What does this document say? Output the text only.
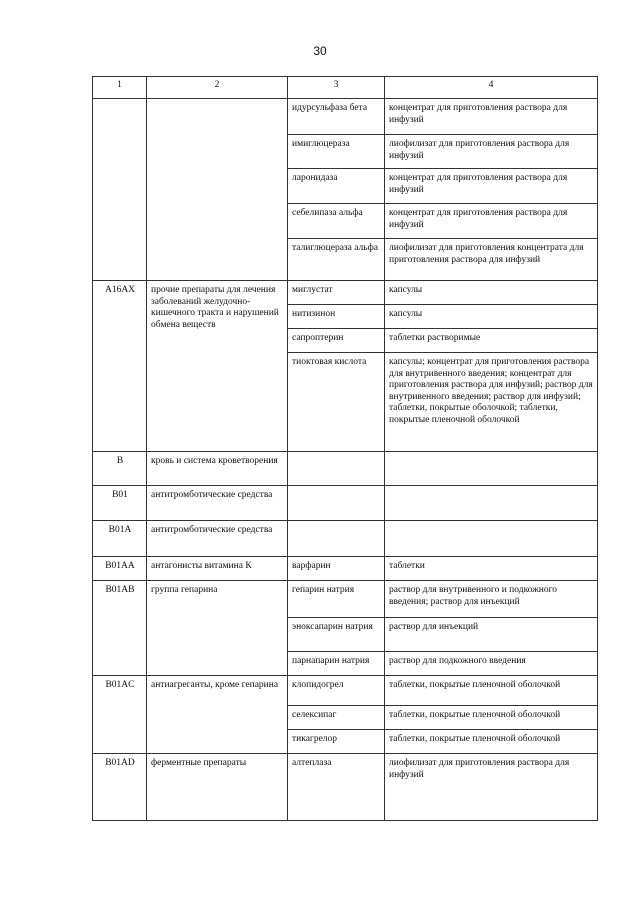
30
1	2	3	4
		идурсульфаза бета	концентрат для приготовления раствора для инфузий
		имиглюцераза	лиофилизат для приготовления раствора для инфузий
		ларонидаза	концентрат для приготовления раствора для инфузий
		себелипаза альфа	концентрат для приготовления раствора для инфузий
		талиглюцераза альфа	лиофилизат для приготовления концентрата для приготовления раствора для инфузий
A16AX	прочие препараты для лечения заболеваний желудочно-кишечного тракта и нарушений обмена веществ	миглустат	капсулы
		нитизинон	капсулы
		сапроптерин	таблетки растворимые
		тиоктовая кислота	капсулы; концентрат для приготовления раствора для внутривенного введения; концентрат для приготовления раствора для инфузий; раствор для внутривенного введения; раствор для инфузий; таблетки, покрытые оболочкой; таблетки, покрытые пленочной оболочкой
B	кровь и система кроветворения		
B01	антитромботические средства		
B01A	антитромботические средства		
B01AA	антагонисты витамина К	варфарин	таблетки
B01AB	группа гепарина	гепарин натрия	раствор для внутривенного и подкожного введения; раствор для инъекций
		эноксапарин натрия	раствор для инъекций
		парнапарин натрия	раствор для подкожного введения
B01AC	антиагреганты, кроме гепарина	клопидогрел	таблетки, покрытые пленочной оболочкой
		селексипаг	таблетки, покрытые пленочной оболочкой
		тикагрелор	таблетки, покрытые пленочной оболочкой
B01AD	ферментные препараты	алтеплаза	лиофилизат для приготовления раствора для инфузий
